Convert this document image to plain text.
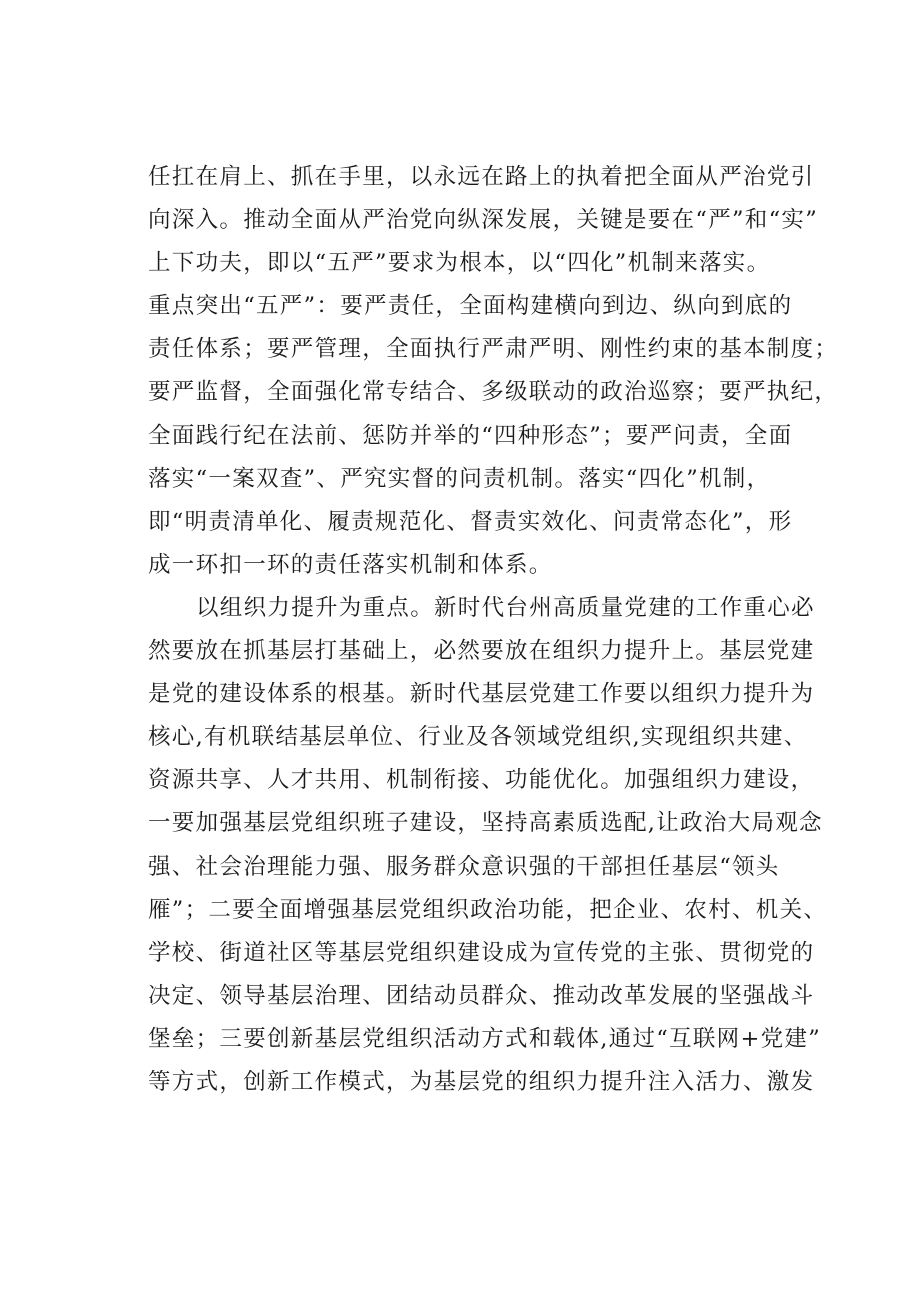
任扛在肩上、抓在手里，以永远在路上的执着把全面从严治党引
向深入。推动全面从严治党向纵深发展，关键是要在“严”和“实”
上下功夫，即以“五严”要求为根本，以“四化”机制来落实。
重点突出“五严”：要严责任，全面构建横向到边、纵向到底的
责任体系；要严管理，全面执行严肃严明、刚性约束的基本制度；
要严监督，全面强化常专结合、多级联动的政治巡察；要严执纪，
全面践行纪在法前、惩防并举的“四种形态”；要严问责，全面
落实“一案双查”、严究实督的问责机制。落实“四化”机制，
即“明责清单化、履责规范化、督责实效化、问责常态化”，形
成一环扣一环的责任落实机制和体系。
以组织力提升为重点。新时代台州高质量党建的工作重心必
然要放在抓基层打基础上，必然要放在组织力提升上。基层党建
是党的建设体系的根基。新时代基层党建工作要以组织力提升为
核心,有机联结基层单位、行业及各领域党组织,实现组织共建、
资源共享、人才共用、机制衔接、功能优化。加强组织力建设，
一要加强基层党组织班子建设，坚持高素质选配,让政治大局观念
强、社会治理能力强、服务群众意识强的干部担任基层“领头
雁”；二要全面增强基层党组织政治功能，把企业、农村、机关、
学校、街道社区等基层党组织建设成为宣传党的主张、贯彻党的
决定、领导基层治理、团结动员群众、推动改革发展的坚强战斗
堡垒；三要创新基层党组织活动方式和载体,通过“互联网+党建”
等方式，创新工作模式，为基层党的组织力提升注入活力、激发
